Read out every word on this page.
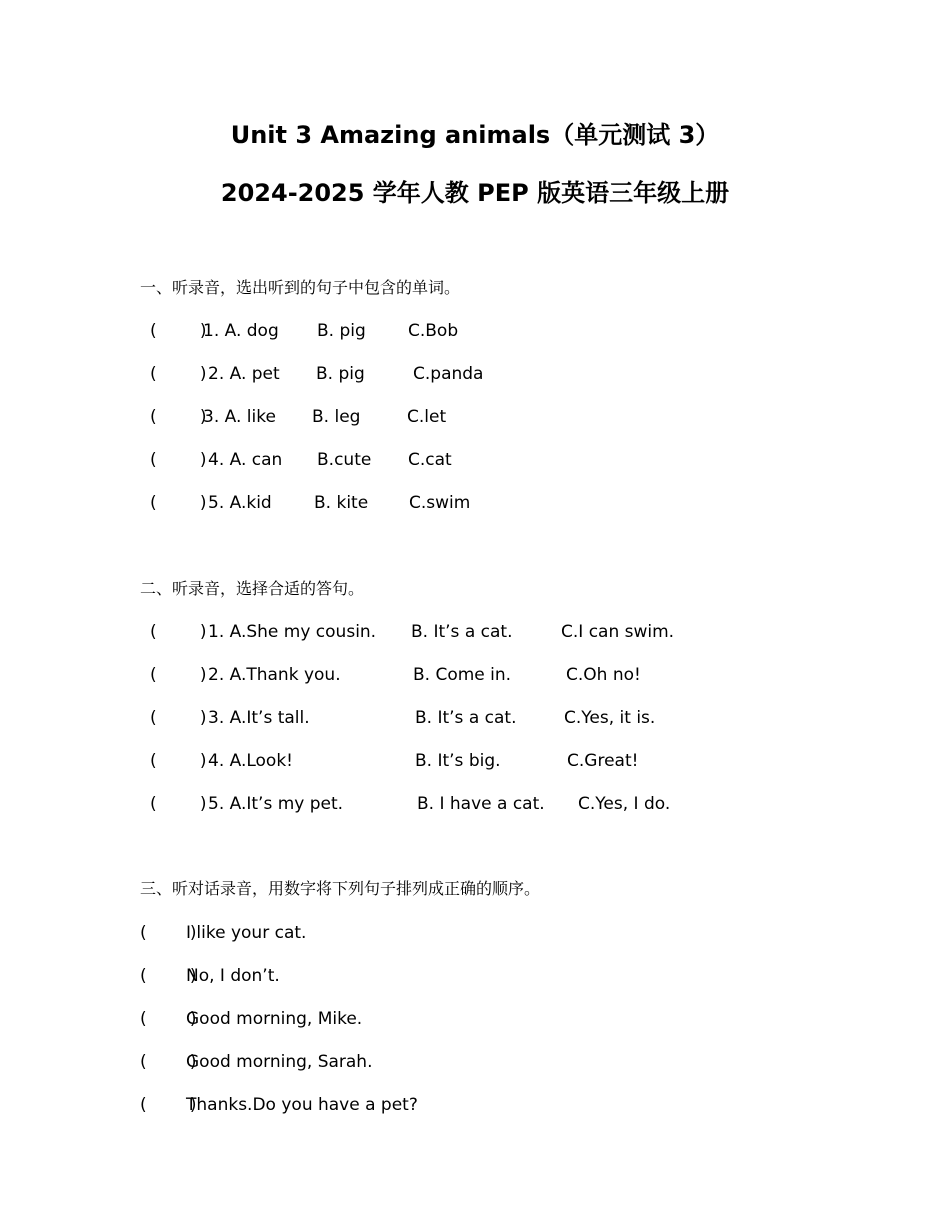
Unit 3 Amazing animals（单元测试 3）
2024-2025 学年人教 PEP 版英语三年级上册
一、听录音，选出听到的句子中包含的单词。
(        )
1. A. dog B. pig C.Bob
(        ) 2. A. pet B. pig	C.panda
(        )
3. A. like B. leg	C.let
(        ) 4. A. can B.cute C.cat
(        ) 5. A.kid B. kite C.swim
二、听录音，选择合适的答句。
(        ) 1. A.She my cousin. B. It’s a cat.	C.I can swim.
(        ) 2. A.Thank you.	B. Come in.	C.Oh no!
(        ) 3. A.It’s tall.	B. It’s a cat.	C.Yes, it is.
(        ) 4. A.Look!	B. It’s big.	C.Great!
(        ) 5. A.It’s my pet.	B. I have a cat. C.Yes, I do.
三、听对话录音，用数字将下列句子排列成正确的顺序。
(        )
I like your cat.
(        )
No, I don’t.
(        )
Good morning, Mike.
(        )
Good morning, Sarah.
(        )
Thanks.Do you have a pet?
